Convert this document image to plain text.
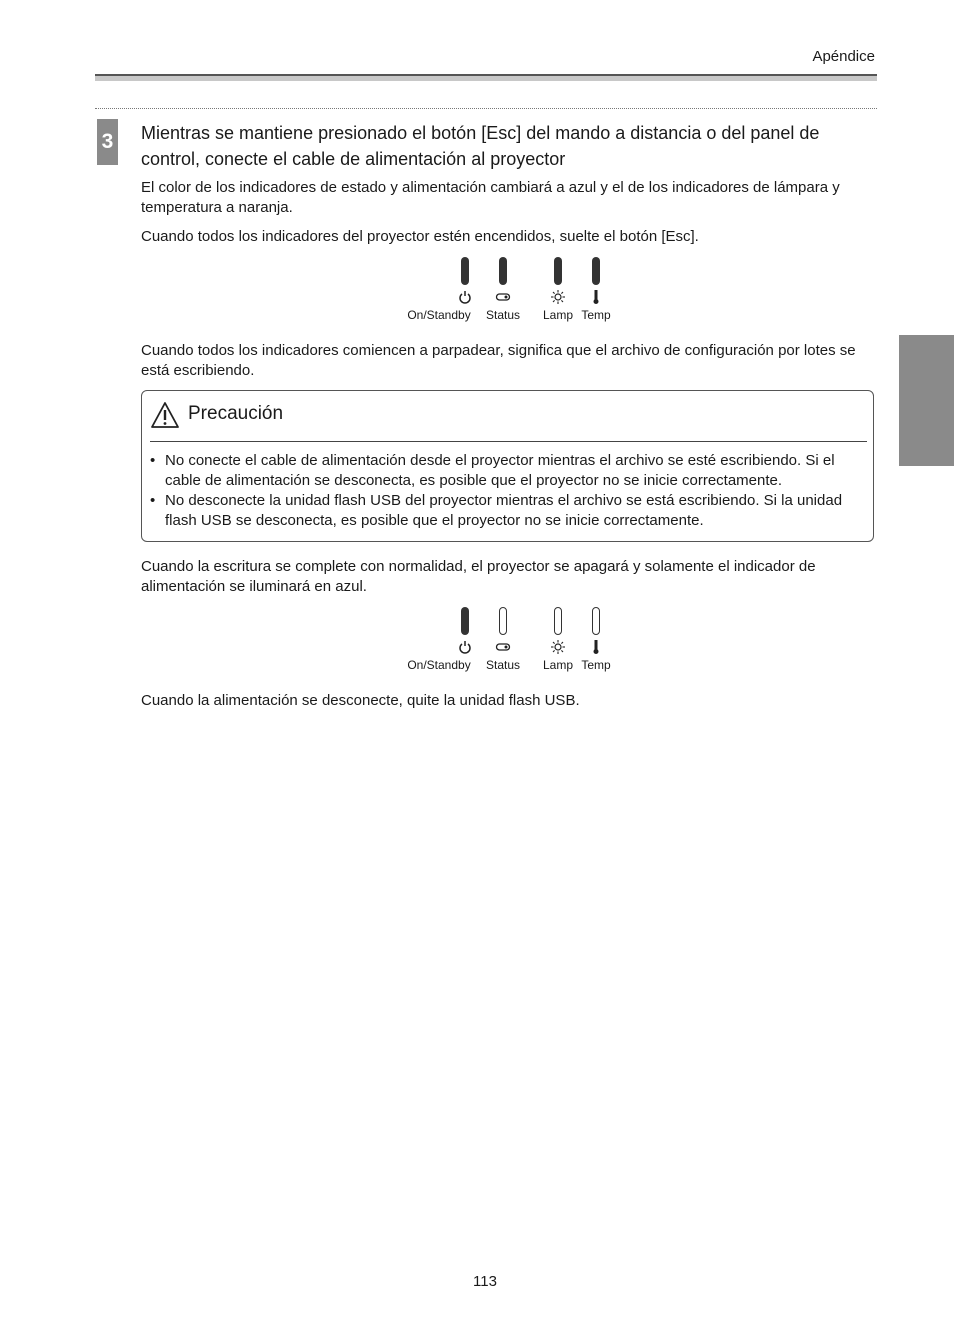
Apéndice
3 Mientras se mantiene presionado el botón [Esc] del mando a distancia o del panel de control, conecte el cable de alimentación al proyector
El color de los indicadores de estado y alimentación cambiará a azul y el de los indicadores de lámpara y temperatura a naranja.
Cuando todos los indicadores del proyector estén encendidos, suelte el botón [Esc].
On/Standby Status Lamp Temp
Cuando todos los indicadores comiencen a parpadear, significa que el archivo de configuración por lotes se está escribiendo.
Precaución
• No conecte el cable de alimentación desde el proyector mientras el archivo se esté escribiendo. Si el cable de alimentación se desconecta, es posible que el proyector no se inicie correctamente.
• No desconecte la unidad flash USB del proyector mientras el archivo se está escribiendo. Si la unidad flash USB se desconecta, es posible que el proyector no se inicie correctamente.
Cuando la escritura se complete con normalidad, el proyector se apagará y solamente el indicador de alimentación se iluminará en azul.
On/Standby Status Lamp Temp
Cuando la alimentación se desconecte, quite la unidad flash USB.
113
